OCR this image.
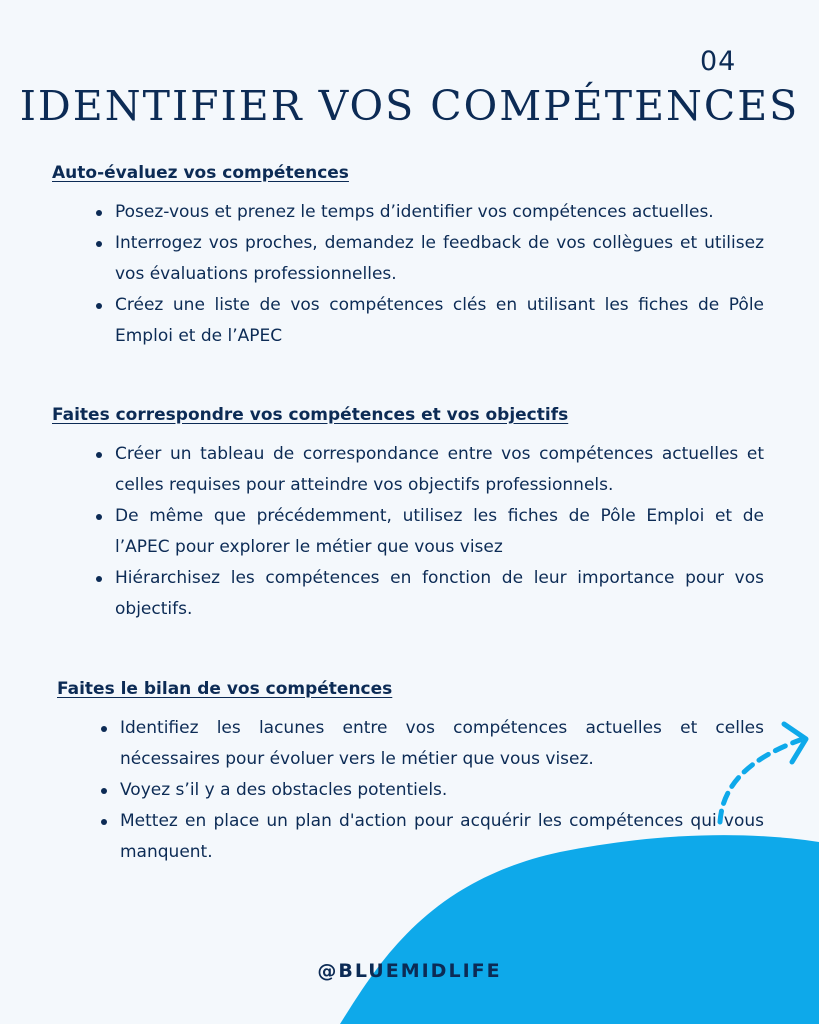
04
IDENTIFIER VOS COMPÉTENCES
Auto-évaluez vos compétences
Posez-vous et prenez le temps d’identifier vos compétences actuelles.
Interrogez vos proches, demandez le feedback de vos collègues et utilisez vos évaluations professionnelles.
Créez une liste de vos compétences clés en utilisant les fiches de Pôle Emploi et de l’APEC
Faites correspondre vos compétences et vos objectifs
Créer un tableau de correspondance entre vos compétences actuelles et celles requises pour atteindre vos objectifs professionnels.
De même que précédemment, utilisez les fiches de Pôle Emploi et de l’APEC pour explorer le métier que vous visez
Hiérarchisez les compétences en fonction de leur importance pour vos objectifs.
Faites le bilan de vos compétences
Identifiez les lacunes entre vos compétences actuelles et celles nécessaires pour évoluer vers le métier que vous visez.
Voyez s’il y a des obstacles potentiels.
Mettez en place un plan d'action pour acquérir les compétences qui vous manquent.
@BLUEMIDLIFE
